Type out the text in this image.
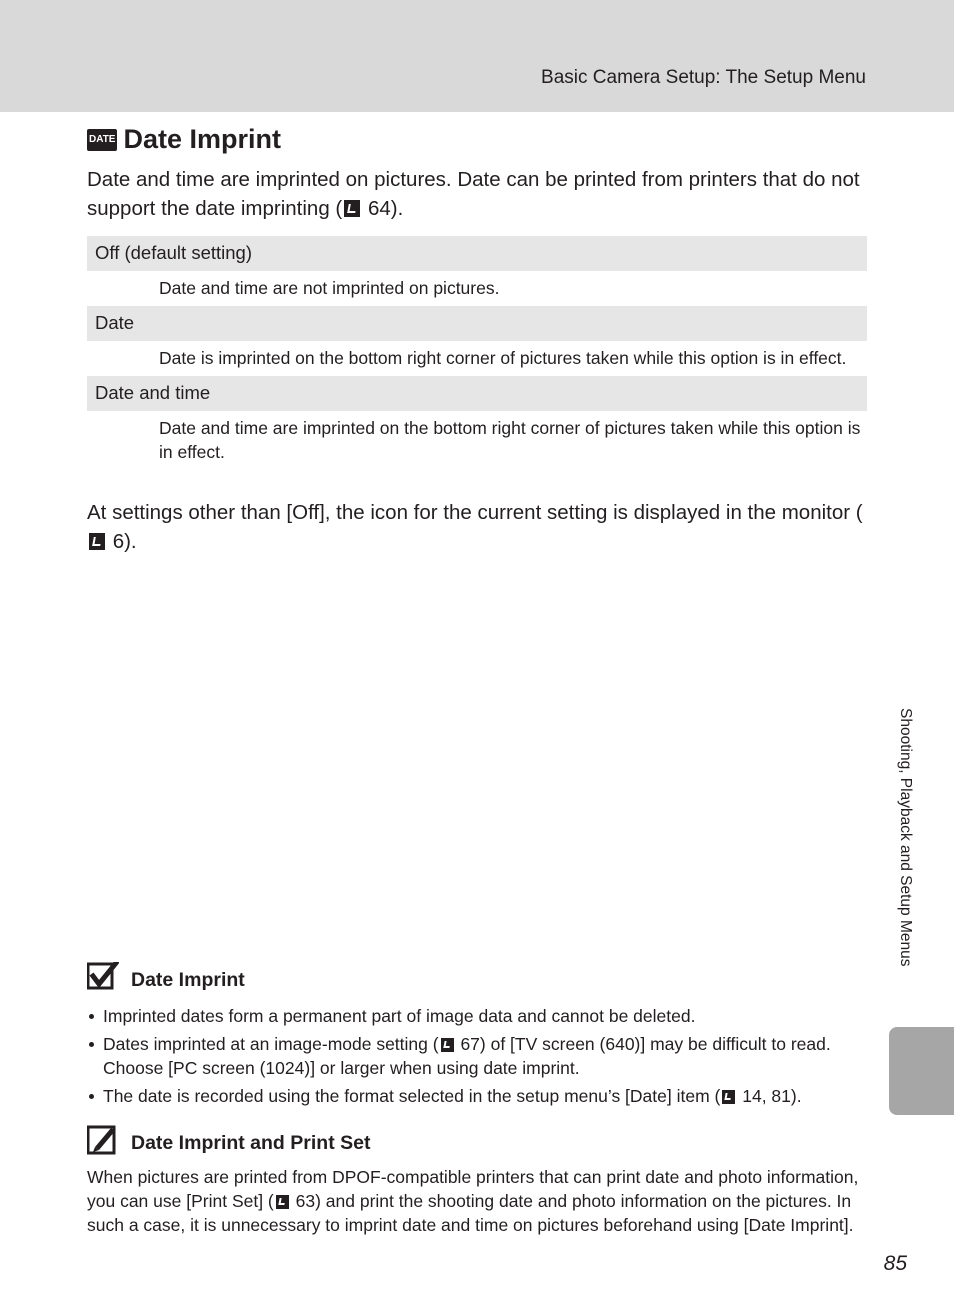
Basic Camera Setup: The Setup Menu
DATE Date Imprint

Date and time are imprinted on pictures. Date can be printed from printers that do not support the date imprinting ( 64).

Off (default setting)
Date and time are not imprinted on pictures.
Date
Date is imprinted on the bottom right corner of pictures taken while this option is in effect.
Date and time
Date and time are imprinted on the bottom right corner of pictures taken while this option is in effect.

At settings other than [Off], the icon for the current setting is displayed in the monitor ( 6).

Shooting, Playback and Setup Menus
Date Imprint
Imprinted dates form a permanent part of image data and cannot be deleted.
Dates imprinted at an image-mode setting ( 67) of [TV screen (640)] may be difficult to read. Choose [PC screen (1024)] or larger when using date imprint.
The date is recorded using the format selected in the setup menu’s [Date] item ( 14, 81).
Date Imprint and Print Set

When pictures are printed from DPOF-compatible printers that can print date and photo information, you can use [Print Set] ( 63) and print the shooting date and photo information on the pictures. In such a case, it is unnecessary to imprint date and time on pictures beforehand using [Date Imprint].

85
